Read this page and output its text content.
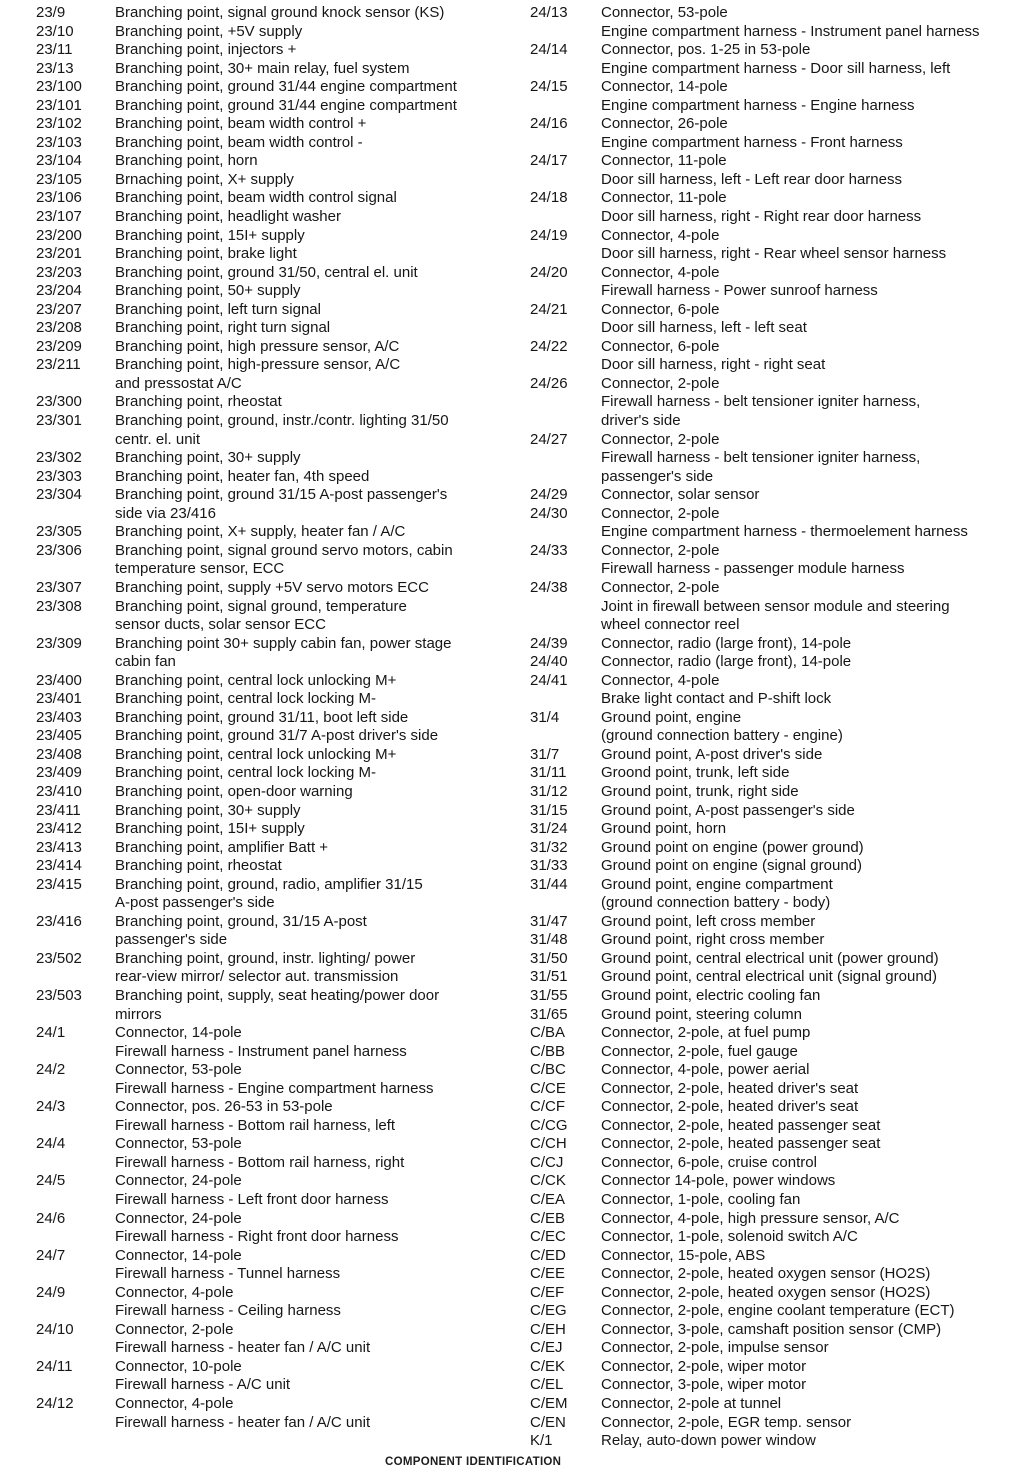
23/9	Branching point, signal ground knock sensor (KS)
23/10	Branching point, +5V supply
23/11	Branching point, injectors +
23/13	Branching point, 30+ main relay, fuel system
23/100	Branching point, ground 31/44 engine compartment
23/101	Branching point, ground 31/44 engine compartment
23/102	Branching point, beam width control +
23/103	Branching point, beam width control -
23/104	Branching point, horn
23/105	Brnaching point, X+ supply
23/106	Branching point, beam width control signal
23/107	Branching point, headlight washer
23/200	Branching point, 15I+ supply
23/201	Branching point, brake light
23/203	Branching point, ground 31/50, central el. unit
23/204	Branching point, 50+ supply
23/207	Branching point, left turn signal
23/208	Branching point, right turn signal
23/209	Branching point, high pressure sensor, A/C
23/211	Branching point, high-pressure sensor, A/C
and pressostat A/C
23/300	Branching point, rheostat
23/301	Branching point, ground, instr./contr. lighting 31/50
centr. el. unit
23/302	Branching point, 30+ supply
23/303	Branching point, heater fan, 4th speed
23/304	Branching point, ground 31/15 A-post passenger's
side via 23/416
23/305	Branching point, X+ supply, heater fan / A/C
23/306	Branching point, signal ground servo motors, cabin
temperature sensor, ECC
23/307	Branching point, supply +5V servo motors ECC
23/308	Branching point, signal ground, temperature
sensor ducts, solar sensor ECC
23/309	Branching point 30+ supply cabin fan, power stage
cabin fan
23/400	Branching point, central lock unlocking M+
23/401	Branching point, central lock locking M-
23/403	Branching point, ground 31/11, boot left side
23/405	Branching point, ground 31/7 A-post driver's side
23/408	Branching point, central lock unlocking M+
23/409	Branching point, central lock locking M-
23/410	Branching point, open-door warning
23/411	Branching point, 30+ supply
23/412	Branching point, 15I+ supply
23/413	Branching point, amplifier Batt +
23/414	Branching point, rheostat
23/415	Branching point, ground, radio, amplifier 31/15
A-post passenger's side
23/416	Branching point, ground, 31/15 A-post
passenger's side
23/502	Branching point, ground, instr. lighting/ power
rear-view mirror/ selector aut. transmission
23/503	Branching point, supply, seat heating/power door
mirrors
24/1	Connector, 14-pole
Firewall harness - Instrument panel harness
24/2	Connector, 53-pole
Firewall harness - Engine compartment harness
24/3	Connector, pos. 26-53 in 53-pole
Firewall harness - Bottom rail harness, left
24/4	Connector, 53-pole
Firewall harness - Bottom rail harness, right
24/5	Connector, 24-pole
Firewall harness - Left front door harness
24/6	Connector, 24-pole
Firewall harness - Right front door harness
24/7	Connector, 14-pole
Firewall harness - Tunnel harness
24/9	Connector, 4-pole
Firewall harness - Ceiling harness
24/10	Connector, 2-pole
Firewall harness - heater fan / A/C unit
24/11	Connector, 10-pole
Firewall harness - A/C unit
24/12	Connector, 4-pole
Firewall harness - heater fan / A/C unit
24/13	Connector, 53-pole
Engine compartment harness - Instrument panel harness
24/14	Connector, pos. 1-25 in 53-pole
Engine compartment harness - Door sill harness, left
24/15	Connector, 14-pole
Engine compartment harness - Engine harness
24/16	Connector, 26-pole
Engine compartment harness - Front harness
24/17	Connector, 11-pole
Door sill harness, left - Left rear door harness
24/18	Connector, 11-pole
Door sill harness, right - Right rear door harness
24/19	Connector, 4-pole
Door sill harness, right - Rear wheel sensor harness
24/20	Connector, 4-pole
Firewall harness - Power sunroof harness
24/21	Connector, 6-pole
Door sill harness, left - left seat
24/22	Connector, 6-pole
Door sill harness, right - right seat
24/26	Connector, 2-pole
Firewall harness - belt tensioner igniter harness,
driver's side
24/27	Connector, 2-pole
Firewall harness - belt tensioner igniter harness,
passenger's side
24/29	Connector, solar sensor
24/30	Connector, 2-pole
Engine compartment harness - thermoelement harness
24/33	Connector, 2-pole
Firewall harness - passenger module harness
24/38	Connector, 2-pole
Joint in firewall between sensor module and steering
wheel connector reel
24/39	Connector, radio (large front), 14-pole
24/40	Connector, radio (large front), 14-pole
24/41	Connector, 4-pole
Brake light contact and P-shift lock
31/4	Ground point, engine
(ground connection battery - engine)
31/7	Ground point, A-post driver's side
31/11	Groond point, trunk, left side
31/12	Ground point, trunk, right side
31/15	Ground point, A-post passenger's side
31/24	Ground point, horn
31/32	Ground point on engine (power ground)
31/33	Ground point on engine (signal ground)
31/44	Ground point, engine compartment
(ground connection battery - body)
31/47	Ground point, left cross member
31/48	Ground point, right cross member
31/50	Ground point, central electrical unit (power ground)
31/51	Ground point, central electrical unit (signal ground)
31/55	Ground point, electric cooling fan
31/65	Ground point, steering column
C/BA	Connector, 2-pole, at fuel pump
C/BB	Connector, 2-pole, fuel gauge
C/BC	Connector, 4-pole, power aerial
C/CE	Connector, 2-pole, heated driver's seat
C/CF	Connector, 2-pole, heated driver's seat
C/CG	Connector, 2-pole, heated passenger seat
C/CH	Connector, 2-pole, heated passenger seat
C/CJ	Connector, 6-pole, cruise control
C/CK	Connector 14-pole, power windows
C/EA	Connector, 1-pole, cooling fan
C/EB	Connector, 4-pole, high pressure sensor, A/C
C/EC	Connector, 1-pole, solenoid switch A/C
C/ED	Connector, 15-pole, ABS
C/EE	Connector, 2-pole, heated oxygen sensor (HO2S)
C/EF	Connector, 2-pole, heated oxygen sensor (HO2S)
C/EG	Connector, 2-pole, engine coolant temperature (ECT)
C/EH	Connector, 3-pole, camshaft position sensor (CMP)
C/EJ	Connector, 2-pole, impulse sensor
C/EK	Connector, 2-pole, wiper motor
C/EL	Connector, 3-pole, wiper motor
C/EM	Connector, 2-pole at tunnel
C/EN	Connector, 2-pole, EGR temp. sensor
K/1	Relay, auto-down power window
COMPONENT IDENTIFICATION
